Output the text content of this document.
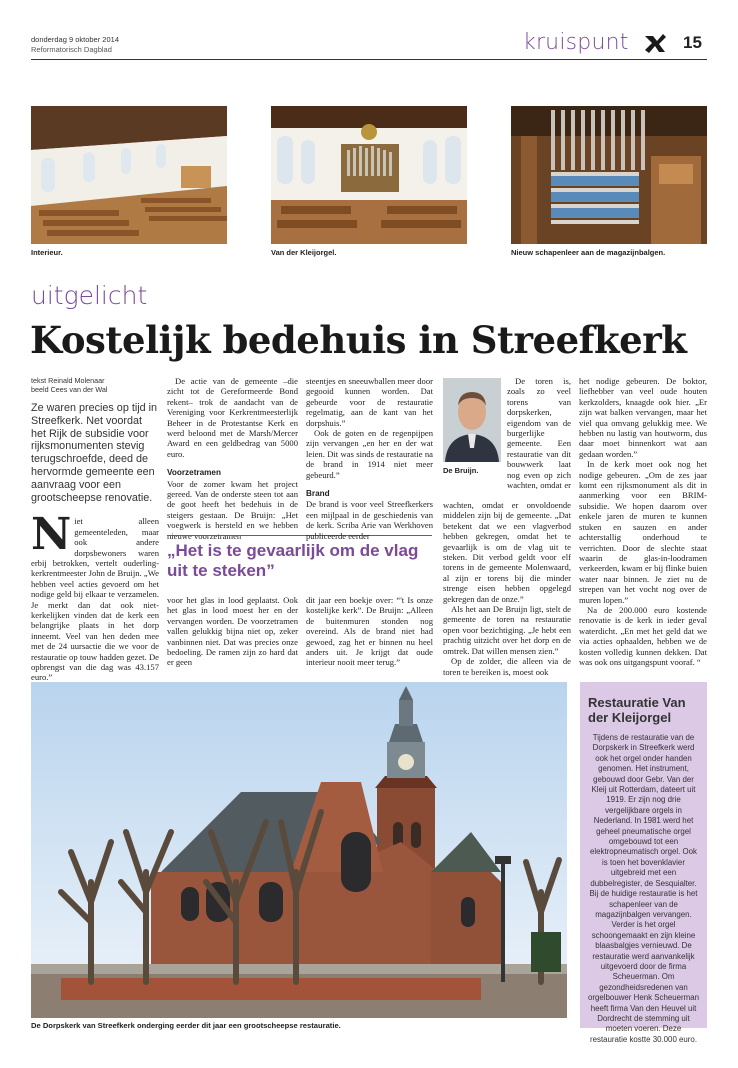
donderdag 9 oktober 2014
Reformatorisch Dagblad	kruispunt	15
Interieur.	Van der Kleijorgel.	Nieuw schapenleer aan de magazijnbalgen.
uitgelicht
Kostelijk bedehuis in Streefkerk
tekst Reinald Molenaar
beeld Cees van der Wal
Ze waren precies op tijd in Streefkerk. Net voordat het Rijk de subsidie voor rijksmonumenten stevig terugschroefde, deed de hervormde gemeente een aanvraag voor een grootscheepse renovatie.

Niet alleen gemeenteleden, maar ook andere dorpsbewoners waren erbij betrokken, vertelt ouderling-kerkrentmeester John de Bruijn. „We hebben veel acties gevoerd om het nodige geld bij elkaar te verzamelen. Je merkt dan dat ook niet-kerkelijken vinden dat de kerk een belangrijke plaats in het dorp inneemt. Veel van hen deden mee met de 24 uursactie die we voor de restauratie op touw hadden gezet. De opbrengst van die dag was 43.157 euro.”

De actie van de gemeente –die zicht tot de Gereformeerde Bond rekent– trok de aandacht van de Vereniging voor Kerkrentmeesterlijk Beheer in de Protestantse Kerk en werd beloond met de Marsh/Mercer Award en een geldbedrag van 5000 euro.

Voorzetramen

Voor de zomer kwam het project gereed. Van de onderste steen tot aan de goot heeft het bedehuis in de steigers gestaan. De Bruijn: „Het voegwerk is hersteld en we hebben

„Het is te gevaarlijk om de vlag uit te steken”

voor het glas in lood geplaatst. Ook het glas in lood moest her en der vervangen worden. De voorzetramen vallen gelukkig bijna niet op, zeker vanbinnen niet. Dat was precies onze bedoeling. De ramen zijn zo hard dat er geen

steentjes en sneeuwballen meer door gegooid kunnen worden. Dat gebeurde voor de restauratie regelmatig, aan de kant van het dorpshuis.”

Ook de goten en de regenpijpen zijn vervangen „en her en der wat leien. Dit was sinds de restauratie na de brand in 1914 niet meer gebeurd.”

Brand

De brand is voor veel Streefkerkers een mijlpaal in de geschiedenis van de kerk. Scriba Arie van Werkhoven publiceerde eerder

dit jaar een boekje over: “'t Is onze kostelijke kerk”. De Bruijn: „Alleen de buitenmuren stonden nog overeind. Als de brand niet had gewoed, zag het er binnen nu heel anders uit. Je krijgt dat oude interieur nooit meer terug.”

De Bruijn.

De toren is, zoals zo veel torens van dorpskerken, eigendom van de burgerlijke gemeente. Een restauratie van dit bouwwerk laat nog even op zich wachten, omdat er

wachten, omdat er onvoldoende middelen zijn bij de gemeente. „Dat betekent dat we een vlagverbod hebben gekregen, omdat het te gevaarlijk is om de vlag uit te steken. Dit verbod geldt voor elf torens in de gemeente Molenwaard, al zijn er torens bij die minder strenge eisen hebben opgelegd gekregen dan de onze.”

Als het aan De Bruijn ligt, stelt de gemeente de toren na restauratie open voor bezichtiging. „Je hebt een prachtig uitzicht over het dorp en de omtrek. Dat willen mensen zien.”

Op de zolder, die alleen via de toren te bereiken is, moest ook

het nodige gebeuren. De boktor, liefhebber van veel oude houten kerkzolders, knaagde ook hier. „Er zijn wat balken vervangen, maar het viel qua omvang gelukkig mee. We hebben nu lastig van houtworm, dus daar moet binnenkort wat aan gedaan worden.”

In de kerk moet ook nog het nodige gebeuren. „Om de zes jaar komt een rijksmonument als dit in aanmerking voor een BRIM-subsidie. We hopen daarom over enkele jaren de muren te kunnen stuken en sauzen en ander achterstallig onderhoud te verrichten. Door de slechte staat waarin de glas-in-loodramen verkeerden, kwam er bij flinke buien water naar binnen. Je ziet nu de strepen van het vocht nog over de muren lopen.”

Na de 200.000 euro kostende renovatie is de kerk in ieder geval waterdicht. „En met het geld dat we via acties ophaalden, hebben we de kosten volledig kunnen dekken. Dat was ook ons uitgangspunt vooraf. “

De Dorpskerk van Streefkerk onderging eerder dit jaar een grootscheepse restauratie.
Restauratie Van der Kleijorgel
Tijdens de restauratie van de Dorpskerk in Streefkerk werd ook het orgel onder handen genomen. Het instrument, gebouwd door Gebr. Van der Kleij uit Rotterdam, dateert uit 1919. Er zijn nog drie vergelijkbare orgels in Nederland. In 1981 werd het geheel pneumatische orgel omgebouwd tot een elektropneumatisch orgel. Ook is toen het bovenklavier uitgebreid met een dubbelregister, de Sesquialter. Bij de huidige restauratie is het schapenleer van de magazijnbalgen vervangen. Verder is het orgel schoongemaakt en zijn kleine blaasbalgjes vernieuwd. De restauratie werd aanvankelijk uitgevoerd door de firma Scheuerman. Om gezondheidsredenen van orgelbouwer Henk Scheuerman heeft firma Van den Heuvel uit Dordrecht de stemming uit moeten voeren. Deze restauratie kostte 30.000 euro.
